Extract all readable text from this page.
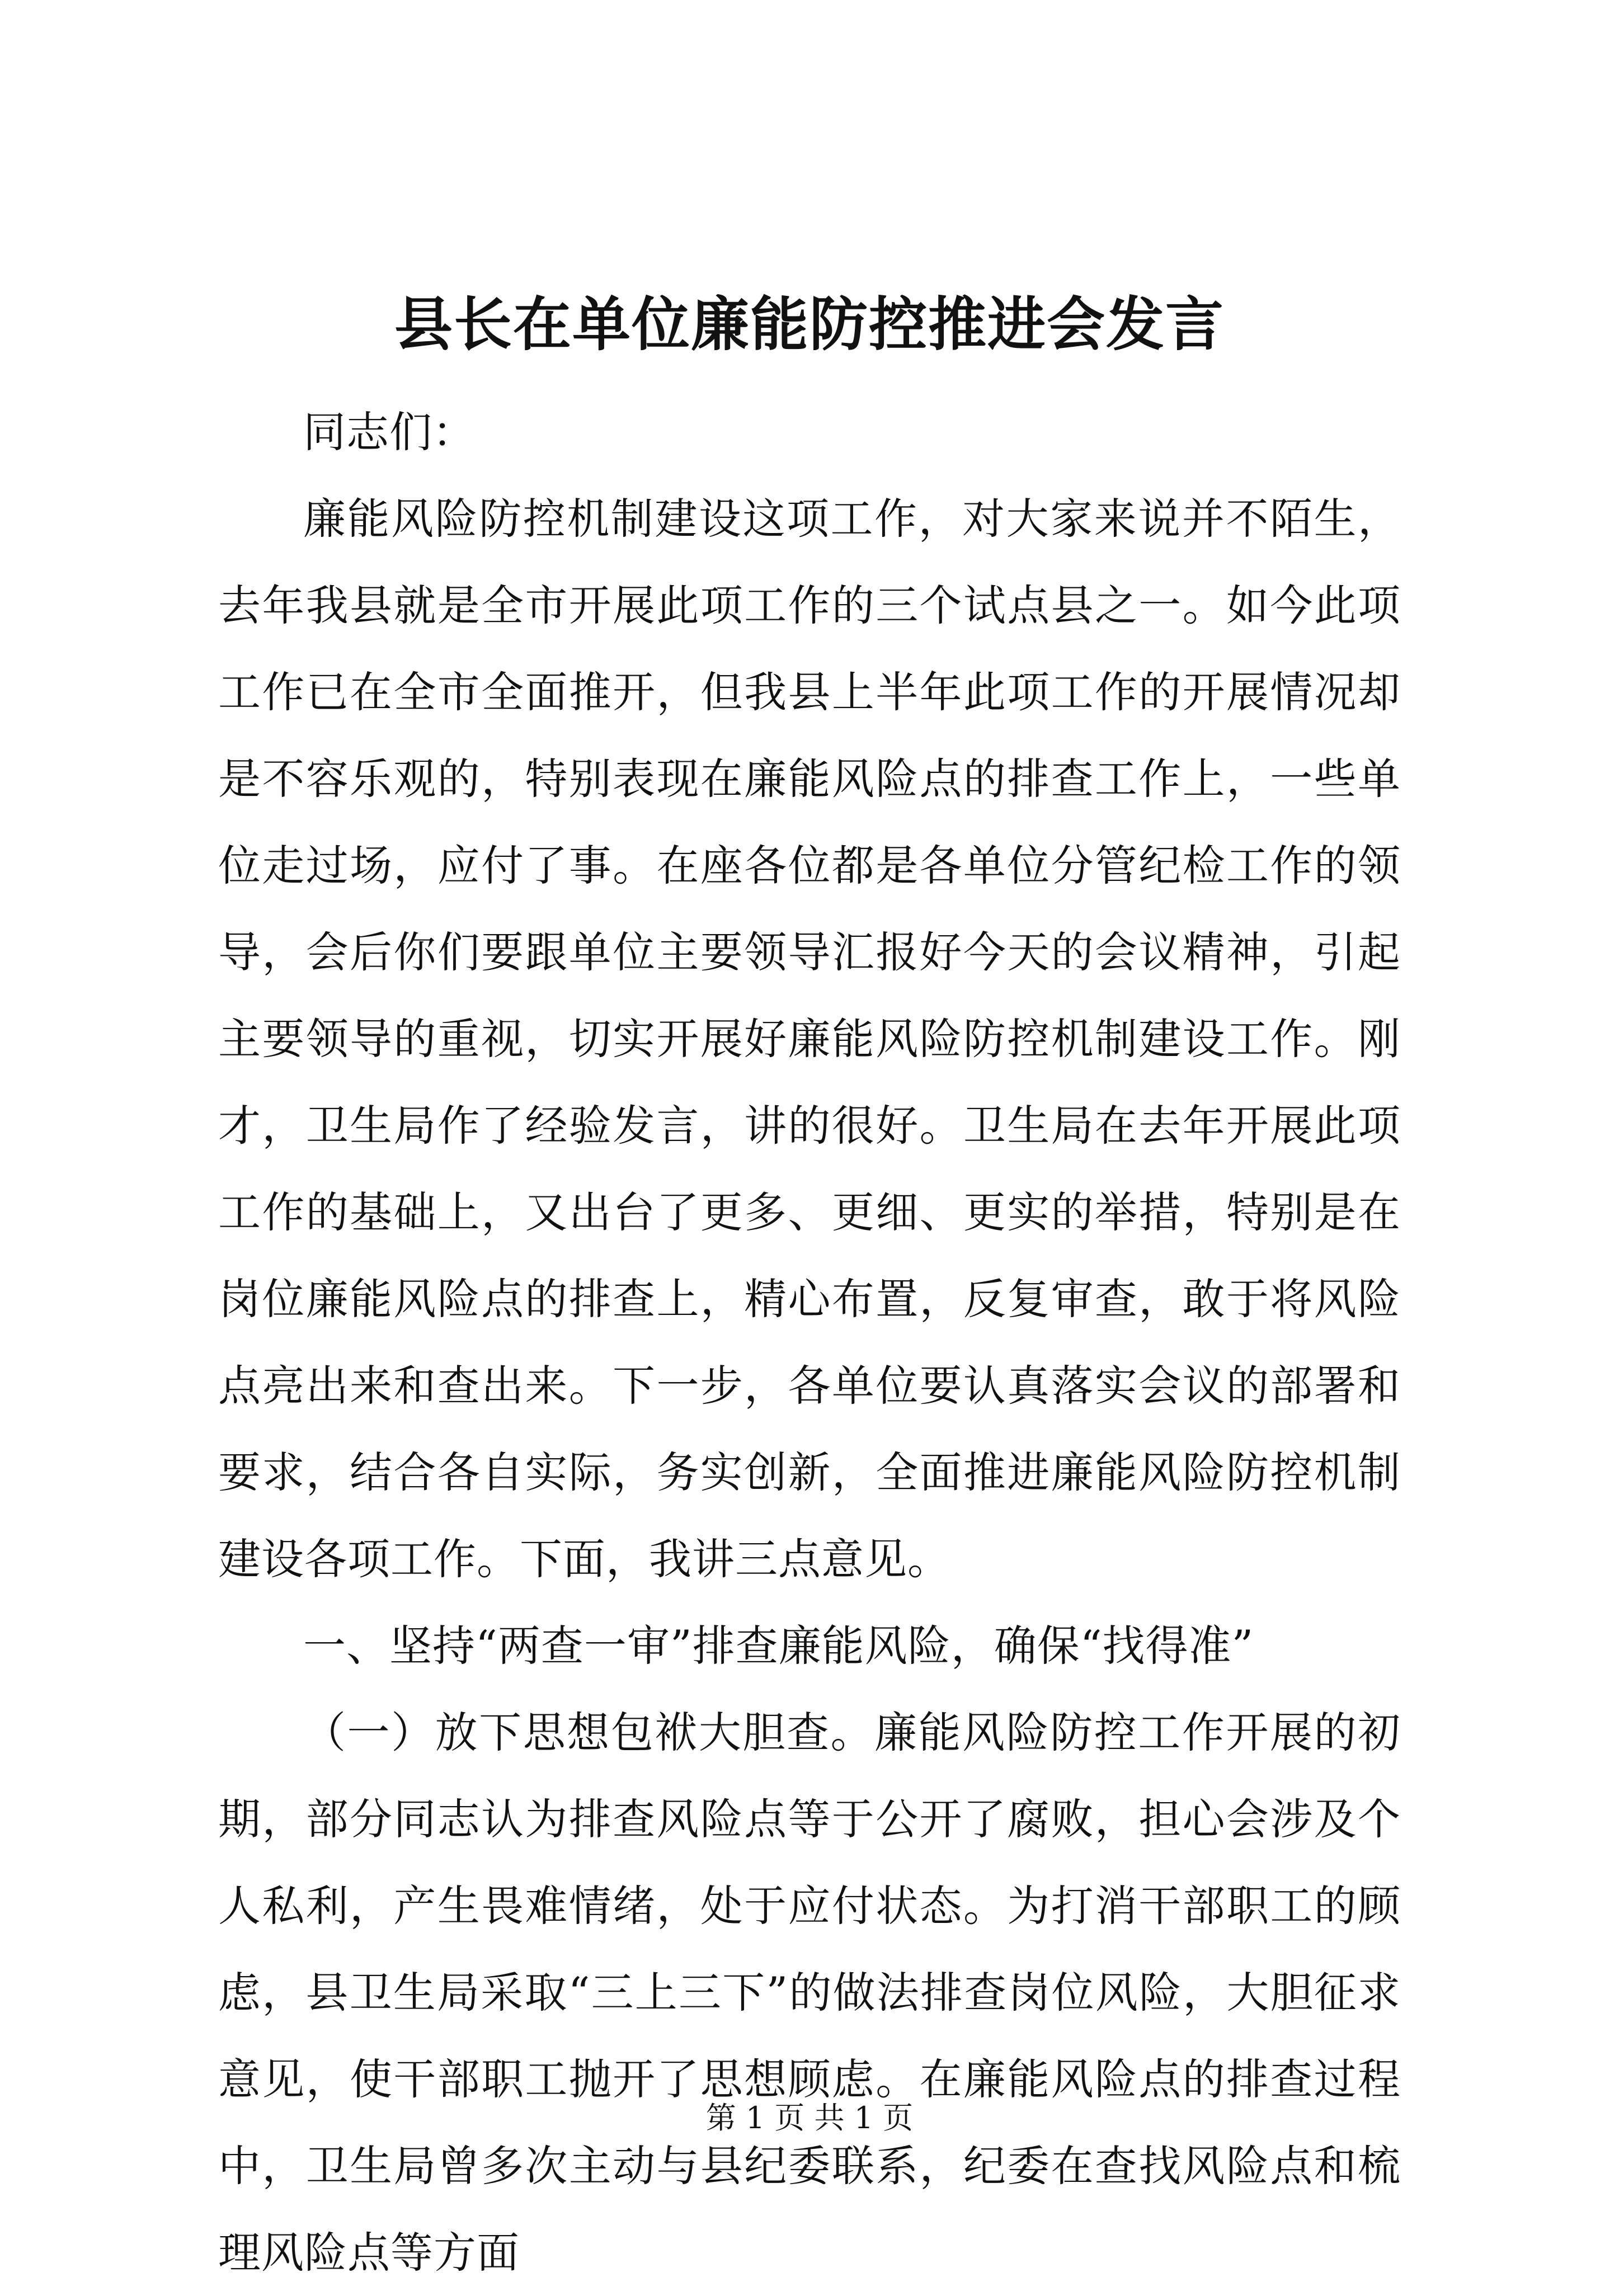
县长在单位廉能防控推进会发言

同志们：

廉能风险防控机制建设这项工作，对大家来说并不陌生，去年我县就是全市开展此项工作的三个试点县之一。如今此项工作已在全市全面推开，但我县上半年此项工作的开展情况却是不容乐观的，特别表现在廉能风险点的排查工作上，一些单位走过场，应付了事。在座各位都是各单位分管纪检工作的领导，会后你们要跟单位主要领导汇报好今天的会议精神，引起主要领导的重视，切实开展好廉能风险防控机制建设工作。刚才，卫生局作了经验发言，讲的很好。卫生局在去年开展此项工作的基础上，又出台了更多、更细、更实的举措，特别是在岗位廉能风险点的排查上，精心布置，反复审查，敢于将风险点亮出来和查出来。下一步，各单位要认真落实会议的部署和要求，结合各自实际，务实创新，全面推进廉能风险防控机制建设各项工作。下面，我讲三点意见。

一、坚持“两查一审”排查廉能风险，确保“找得准”

（一）放下思想包袱大胆查。廉能风险防控工作开展的初期，部分同志认为排查风险点等于公开了腐败，担心会涉及个人私利，产生畏难情绪，处于应付状态。为打消干部职工的顾虑，县卫生局采取“三上三下”的做法排查岗位风险，大胆征求意见，使干部职工抛开了思想顾虑。在廉能风险点的排查过程中，卫生局曾多次主动与县纪委联系，纪委在查找风险点和梳理风险点等方面

第 1 页 共 1 页
